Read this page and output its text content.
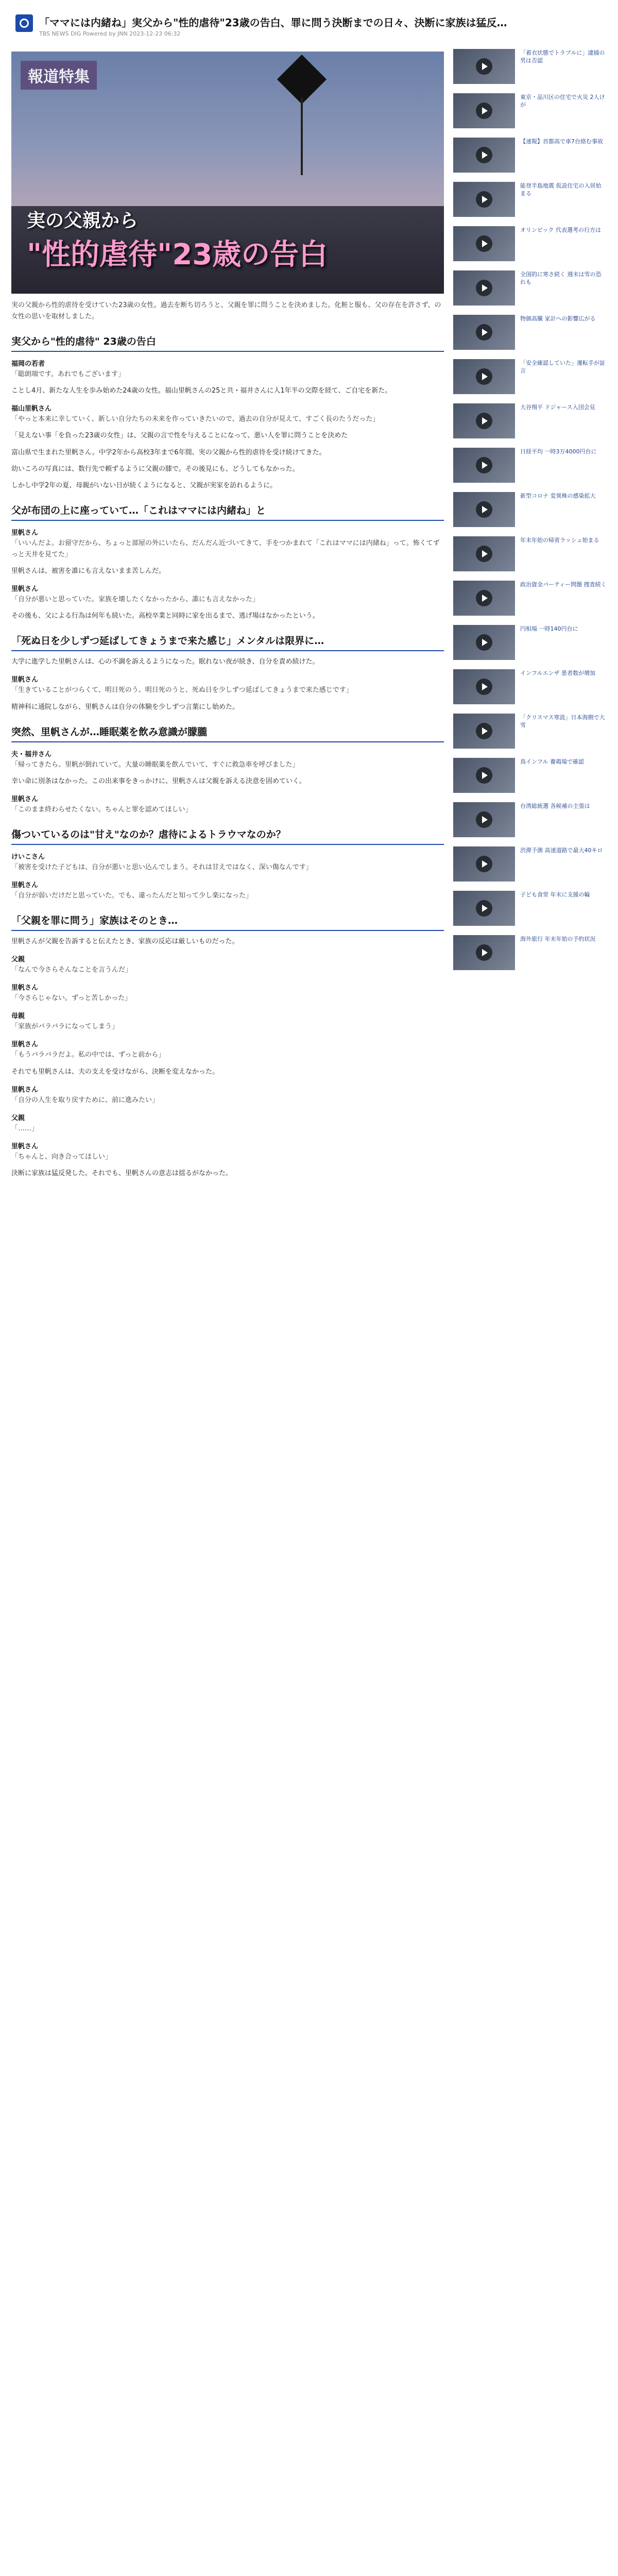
「ママには内緒ね」実父から"性的虐待"23歳の告白、罪に問う決断までの日々、決断に家族は猛反…
TBS NEWS DIG Powered by JNN 2023-12-23 06:32
報道特集
実の父親から
"性的虐待"23歳の告白

実の父親から性的虐待を受けていた23歳の女性。過去を断ち切ろうと、父親を罪に問うことを決めました。化粧と服も、父の存在を許さず、の女性の思いを取材しました。

実父から"性的虐待" 23歳の告白
福岡の若者
「聡朗端です。あれでもございます」
ことし4月、新たな人生を歩み始めた24歳の女性。福山里帆さんの25と共・福井さんに人1年半の交際を経て、ご自宅を新た。
福山里帆さん
「やっと本来に幸していく、新しい自分たちの未来を作っていきたいので、過去の自分が見えて、すごく長のたうだった」
「見えない事「を負った23歳の女性」は、父親の言で性を与えることになって、悪い人を罪に問うことを決めた
富山県で生まれた里帆さん。中学2年から高校3年まで6年間、実の父親から性的虐待を受け続けてきた。
幼いころの写真には、数行先で頼ずるように父親の膝で。その後見にも、どうしてもなかった。
しかし中学2年の夏、母親がいない日が続くようになると、父親が実家を訪れるように。
父が布団の上に座っていて…「これはママには内緒ね」と
里帆さん
「いいんだよ。お留守だから、ちょっと部屋の外にいたら、だんだん近づいてきて、手をつかまれて「これはママには内緒ね」って。怖くてずっと天井を見てた」
里帆さんは、被害を誰にも言えないまま苦しんだ。
里帆さん
「自分が悪いと思っていた。家族を壊したくなかったから、誰にも言えなかった」
その後も、父による行為は何年も続いた。高校卒業と同時に家を出るまで、逃げ場はなかったという。
「死ぬ日を少しずつ延ばしてきょうまで来た感じ」メンタルは限界に…
大学に進学した里帆さんは、心の不調を訴えるようになった。眠れない夜が続き、自分を責め続けた。
里帆さん
「生きていることがつらくて、明日死のう、明日死のうと、死ぬ日を少しずつ延ばしてきょうまで来た感じです」
精神科に通院しながら、里帆さんは自分の体験を少しずつ言葉にし始めた。
突然、里帆さんが…睡眠薬を飲み意識が朦朧
夫・福井さん
「帰ってきたら、里帆が倒れていて。大量の睡眠薬を飲んでいて、すぐに救急車を呼びました」
幸い命に別条はなかった。この出来事をきっかけに、里帆さんは父親を訴える決意を固めていく。
里帆さん
「このまま終わらせたくない。ちゃんと罪を認めてほしい」
傷ついているのは"甘え"なのか？虐待によるトラウマなのか？
けいこさん
「被害を受けた子どもは、自分が悪いと思い込んでしまう。それは甘えではなく、深い傷なんです」
里帆さん
「自分が弱いだけだと思っていた。でも、違ったんだと知って少し楽になった」
「父親を罪に問う」家族はそのとき…
里帆さんが父親を告訴すると伝えたとき、家族の反応は厳しいものだった。
父親
「なんで今さらそんなことを言うんだ」
里帆さん
「今さらじゃない。ずっと苦しかった」
母親
「家族がバラバラになってしまう」
里帆さん
「もうバラバラだよ。私の中では、ずっと前から」
それでも里帆さんは、夫の支えを受けながら、決断を変えなかった。
里帆さん
「自分の人生を取り戻すために、前に進みたい」
父親
「……」
里帆さん
「ちゃんと、向き合ってほしい」
決断に家族は猛反発した。それでも、里帆さんの意志は揺るがなかった。
「着衣状態でトラブルに」逮捕の男は否認
東京・品川区の住宅で火災 2人けが
【速報】首都高で車7台絡む事故
能登半島地震 仮設住宅の入居始まる
オリンピック 代表選考の行方は
全国的に寒さ続く 週末は雪の恐れも
物価高騰 家計への影響広がる
「安全確認していた」運転手が証言
大谷翔平 ドジャース入団会見
日経平均 一時3万4000円台に
新型コロナ 変異株の感染拡大
年末年始の帰省ラッシュ始まる
政治資金パーティー問題 捜査続く
円相場 一時140円台に
インフルエンザ 患者数が増加
「クリスマス寒波」日本海側で大雪
鳥インフル 養鶏場で確認
台湾総統選 各候補の主張は
渋滞予測 高速道路で最大40キロ
子ども食堂 年末に支援の輪
海外旅行 年末年始の予約状況
